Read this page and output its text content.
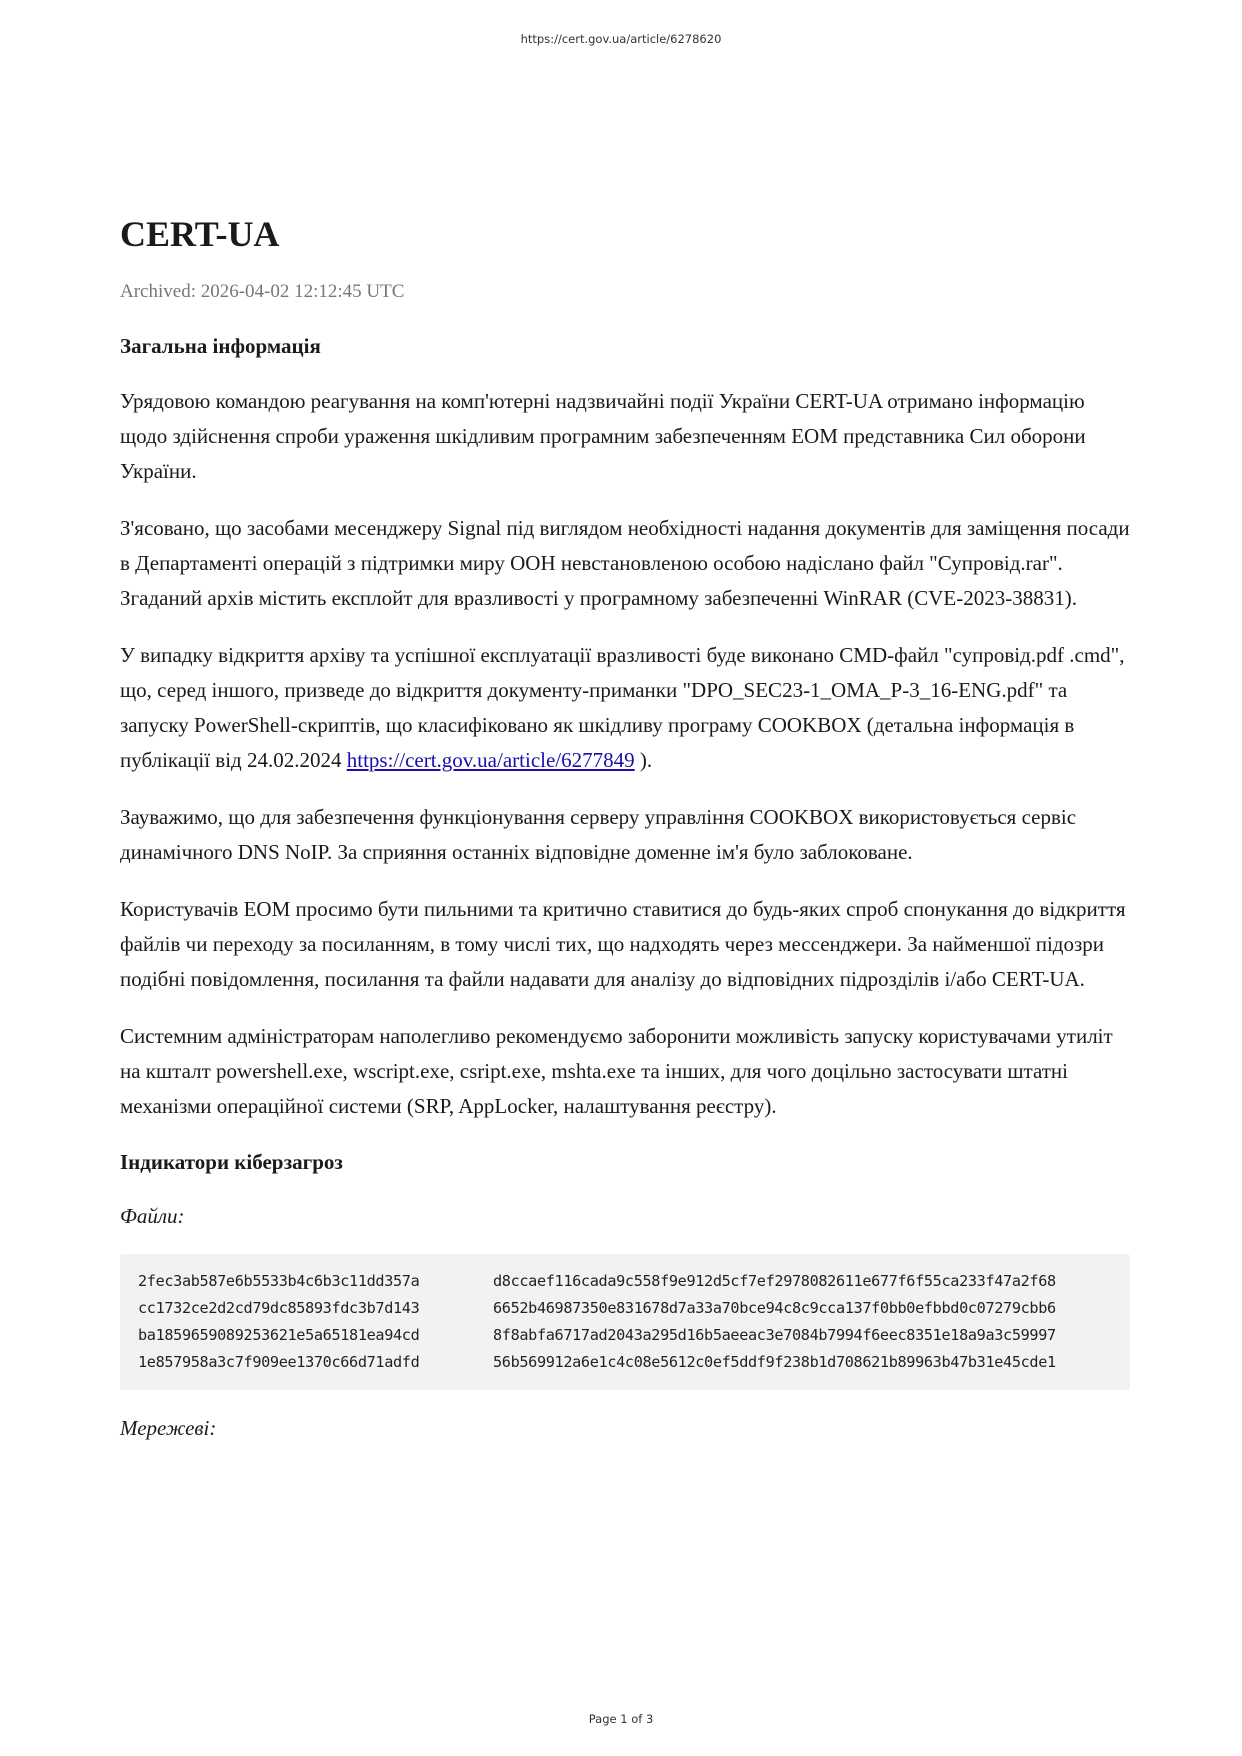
https://cert.gov.ua/article/6278620
CERT-UA
Archived: 2026-04-02 12:12:45 UTC
Загальна інформація

Урядовою командою реагування на комп'ютерні надзвичайні події України CERT-UA отримано інформацію щодо здійснення спроби ураження шкідливим програмним забезпеченням ЕОМ представника Сил оборони України.

З'ясовано, що засобами месенджеру Signal під виглядом необхідності надання документів для заміщення посади в Департаменті операцій з підтримки миру ООН невстановленою особою надіслано файл "Супровід.rar". Згаданий архів містить експлойт для вразливості у програмному забезпеченні WinRAR (CVE-2023-38831).

У випадку відкриття архіву та успішної експлуатації вразливості буде виконано CMD-файл "супровід.pdf .cmd", що, серед іншого, призведе до відкриття документу-приманки "DPO_SEC23-1_OMA_P-3_16-ENG.pdf" та запуску PowerShell-скриптів, що класифіковано як шкідливу програму COOKBOX (детальна інформація в публікації від 24.02.2024 https://cert.gov.ua/article/6277849 ).

Зауважимо, що для забезпечення функціонування серверу управління COOKBOX використовується сервіс динамічного DNS NoIP. За сприяння останніх відповідне доменне ім'я було заблоковане.

Користувачів ЕОМ просимо бути пильними та критично ставитися до будь-яких спроб спонукання до відкриття файлів чи переходу за посиланням, в тому числі тих, що надходять через мессенджери. За найменшої підозри подібні повідомлення, посилання та файли надавати для аналізу до відповідних підрозділів і/або CERT-UA.

Системним адміністраторам наполегливо рекомендуємо заборонити можливість запуску користувачами утиліт на кшталт powershell.exe, wscript.exe, csript.exe, mshta.exe та інших, для чого доцільно застосувати штатні механізми операційної системи (SRP, AppLocker, налаштування реєстру).

Індикатори кіберзагроз
Файли:
2fec3ab587e6b5533b4c6b3c11dd357a	d8ccaef116cada9c558f9e912d5cf7ef2978082611e677f6f55ca233f47a2f68
cc1732ce2d2cd79dc85893fdc3b7d143	6652b46987350e831678d7a33a70bce94c8c9cca137f0bb0efbbd0c07279cbb6
ba1859659089253621e5a65181ea94cd	8f8abfa6717ad2043a295d16b5aeeac3e7084b7994f6eec8351e18a9a3c59997
1e857958a3c7f909ee1370c66d71adfd	56b569912a6e1c4c08e5612c0ef5ddf9f238b1d708621b89963b47b31e45cde1
Мережеві:
Page 1 of 3
